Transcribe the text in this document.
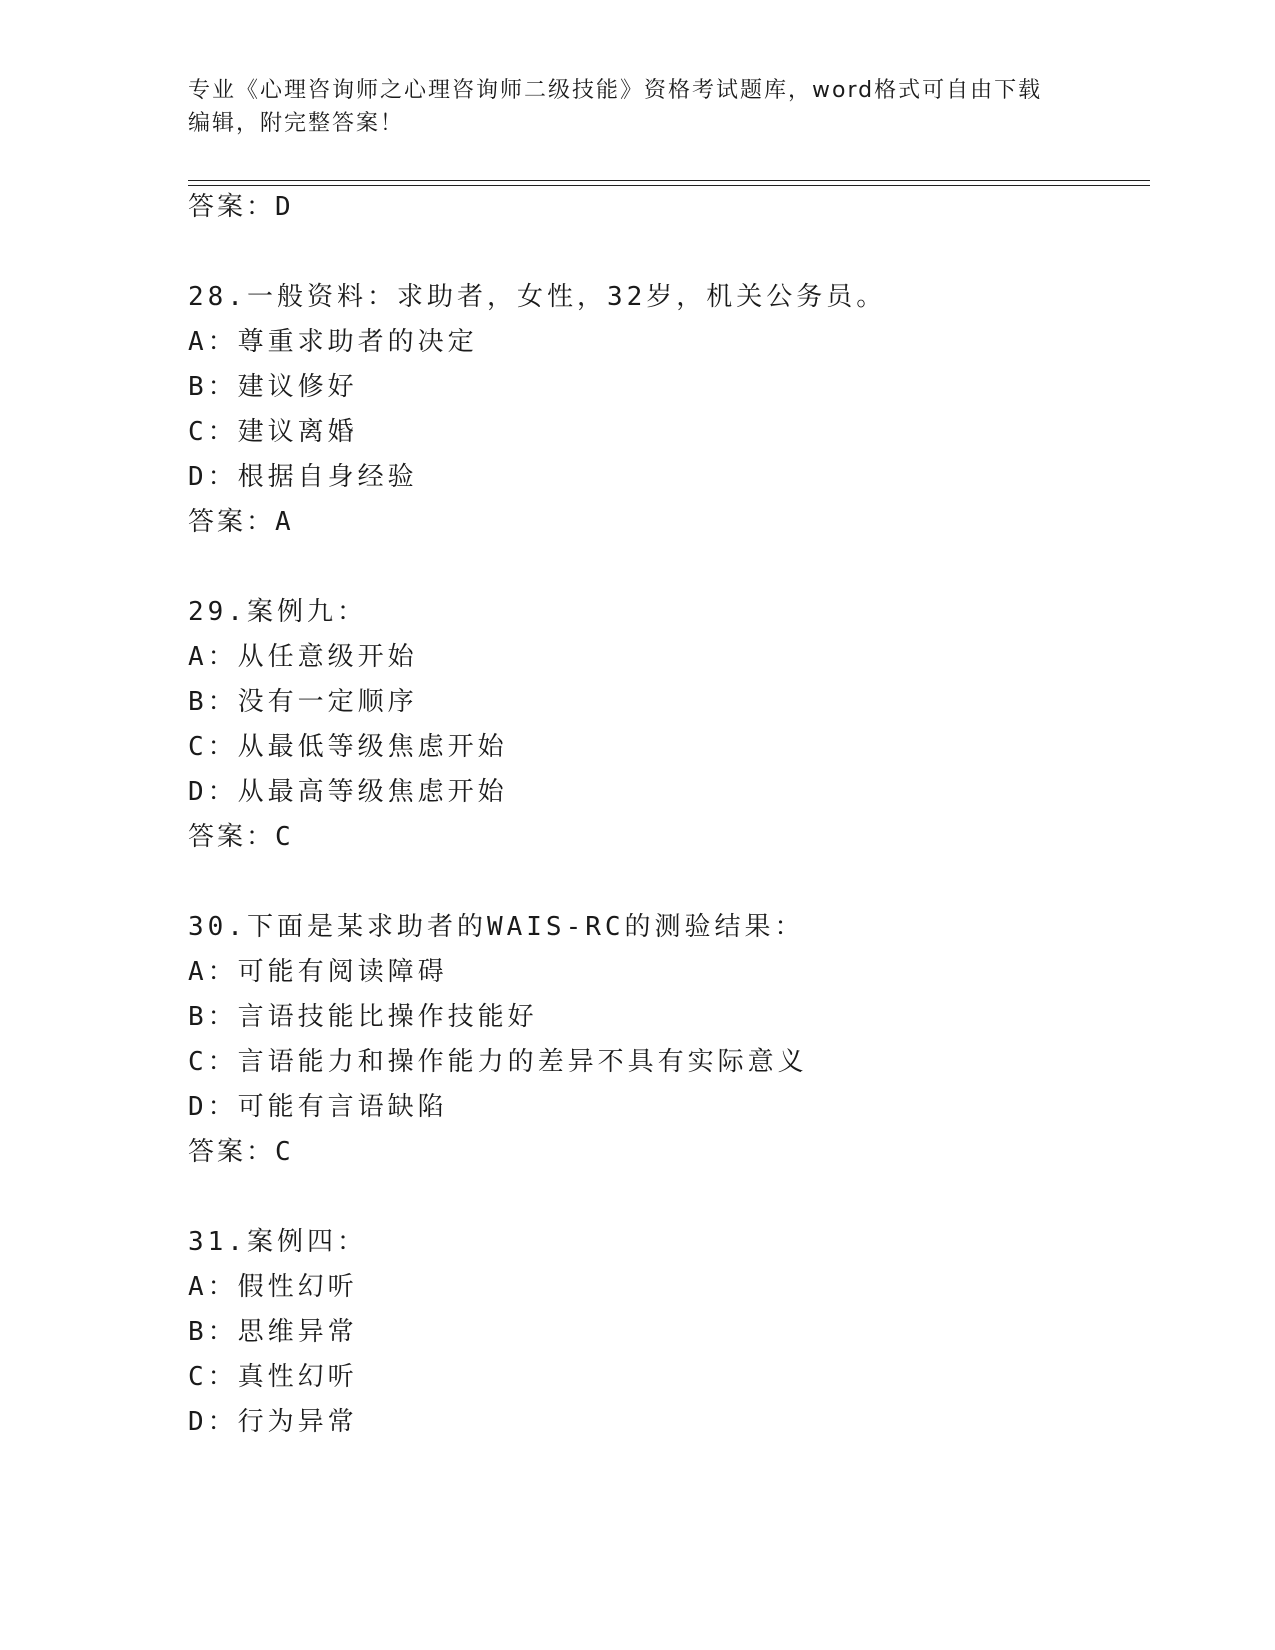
专业《心理咨询师之心理咨询师二级技能》资格考试题库，word格式可自由下载
编辑，附完整答案！
答案：D
28.一般资料：求助者，女性，32岁，机关公务员。
A：尊重求助者的决定
B：建议修好
C：建议离婚
D：根据自身经验
答案：A
29.案例九：
A：从任意级开始
B：没有一定顺序
C：从最低等级焦虑开始
D：从最高等级焦虑开始
答案：C
30.下面是某求助者的WAIS-RC的测验结果：
A：可能有阅读障碍
B：言语技能比操作技能好
C：言语能力和操作能力的差异不具有实际意义
D：可能有言语缺陷
答案：C
31.案例四：
A：假性幻听
B：思维异常
C：真性幻听
D：行为异常
